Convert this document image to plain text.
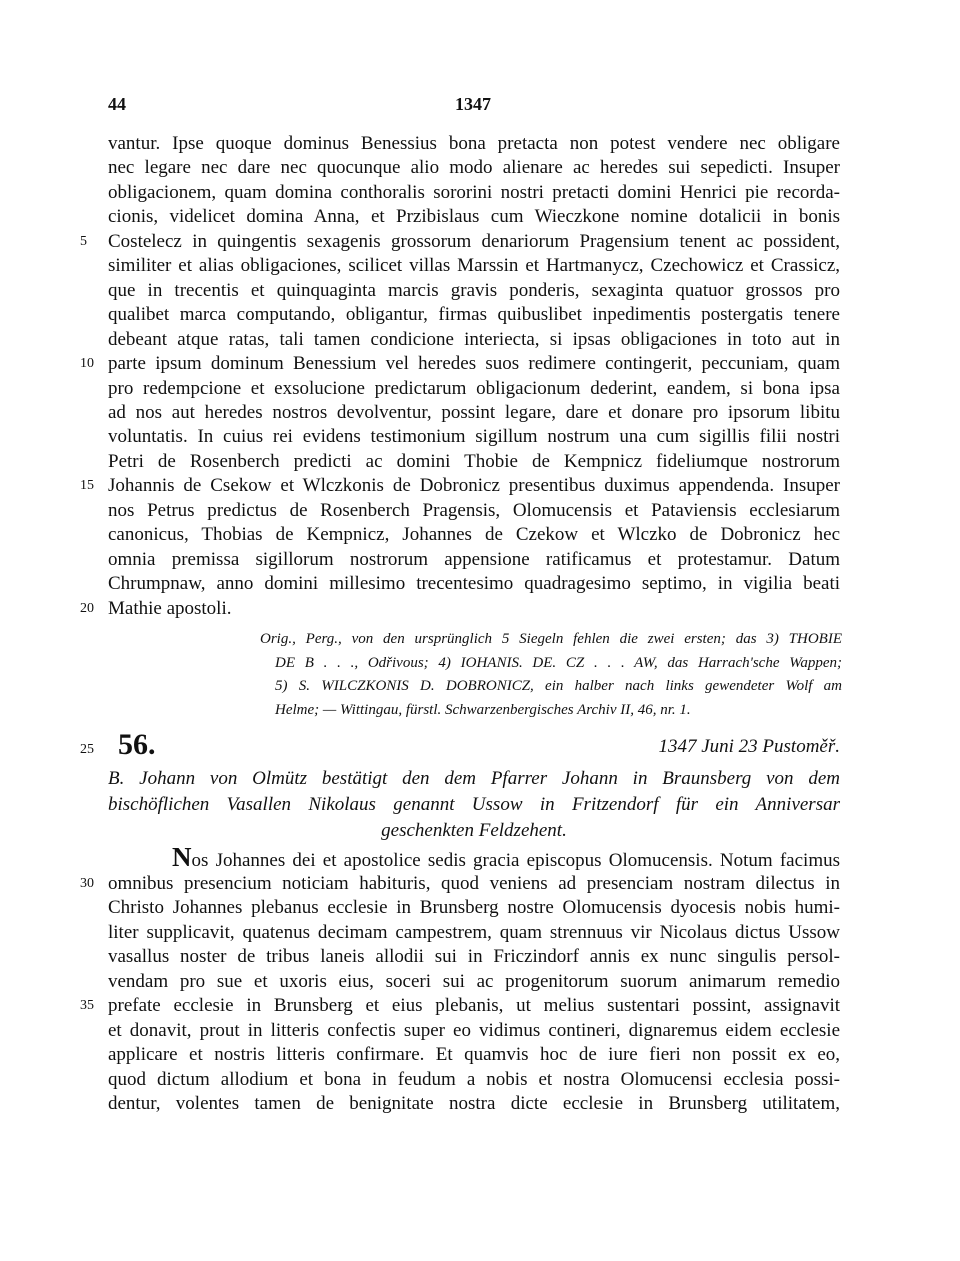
44	1347
vantur. Ipse quoque dominus Benessius bona pretacta non potest vendere nec obligare
nec legare nec dare nec quocunque alio modo alienare ac heredes sui sepedicti. Insuper
obligacionem, quam domina conthoralis sororini nostri pretacti domini Henrici pie recorda-
cionis, videlicet domina Anna, et Przibislaus cum Wieczkone nomine dotalicii in bonis
5	Costelecz in quingentis sexagenis grossorum denariorum Pragensium tenent ac possident,
similiter et alias obligaciones, scilicet villas Marssin et Hartmanycz, Czechowicz et Crassicz,
que in trecentis et quinquaginta marcis gravis ponderis, sexaginta quatuor grossos pro
qualibet marca computando, obligantur, firmas quibuslibet inpedimentis postergatis tenere
debeant atque ratas, tali tamen condicione interiecta, si ipsas obligaciones in toto aut in
10 parte ipsum dominum Benessium vel heredes suos redimere contingerit, peccuniam, quam
pro redempcione et exsolucione predictarum obligacionum dederint, eandem, si bona ipsa
ad nos aut heredes nostros devolventur, possint legare, dare et donare pro ipsorum libitu
voluntatis. In cuius rei evidens testimonium sigillum nostrum una cum sigillis filii nostri
Petri de Rosenberch predicti ac domini Thobie de Kempnicz fideliumque nostrorum
15 Johannis de Csekow et Wlczkonis de Dobronicz presentibus duximus appendenda. Insuper
nos Petrus predictus de Rosenberch Pragensis, Olomucensis et Pataviensis ecclesiarum
canonicus, Thobias de Kempnicz, Johannes de Czekow et Wlczko de Dobronicz hec
omnia premissa sigillorum nostrorum appensione ratificamus et protestamur. Datum
Chrumpnaw, anno domini millesimo trecentesimo quadragesimo septimo, in vigilia beati
20 Mathie apostoli.
Orig., Perg., von den ursprünglich 5 Siegeln fehlen die zwei ersten; das 3) THOBIE
DE B . . ., Odřivous; 4) IOHANIS. DE. CZ . . . AW, das Harrach'sche Wappen;
5) S. WILCZKONIS D. DOBRONICZ, ein halber nach links gewendeter Wolf am
Helme; — Wittingau, fürstl. Schwarzenbergisches Archiv II, 46, nr. 1.
25 56.	1347 Juni 23 Pustoměř.
B. Johann von Olmütz bestätigt den dem Pfarrer Johann in Braunsberg von dem
bischöflichen Vasallen Nikolaus genannt Ussow in Fritzendorf für ein Anniversar
geschenkten Feldzehent.
Nos Johannes dei et apostolice sedis gracia episcopus Olomucensis. Notum facimus
30 omnibus presencium noticiam habituris, quod veniens ad presenciam nostram dilectus in
Christo Johannes plebanus ecclesie in Brunsberg nostre Olomucensis dyocesis nobis humi-
liter supplicavit, quatenus decimam campestrem, quam strennuus vir Nicolaus dictus Ussow
vasallus noster de tribus laneis allodii sui in Friczindorf annis ex nunc singulis persol-
vendam pro sue et uxoris eius, soceri sui ac progenitorum suorum animarum remedio
35 prefate ecclesie in Brunsberg et eius plebanis, ut melius sustentari possint, assignavit
et donavit, prout in litteris confectis super eo vidimus contineri, dignaremus eidem ecclesie
applicare et nostris litteris confirmare. Et quamvis hoc de iure fieri non possit ex eo,
quod dictum allodium et bona in feudum a nobis et nostra Olomucensi ecclesia possi-
dentur, volentes tamen de benignitate nostra dicte ecclesie in Brunsberg utilitatem,
